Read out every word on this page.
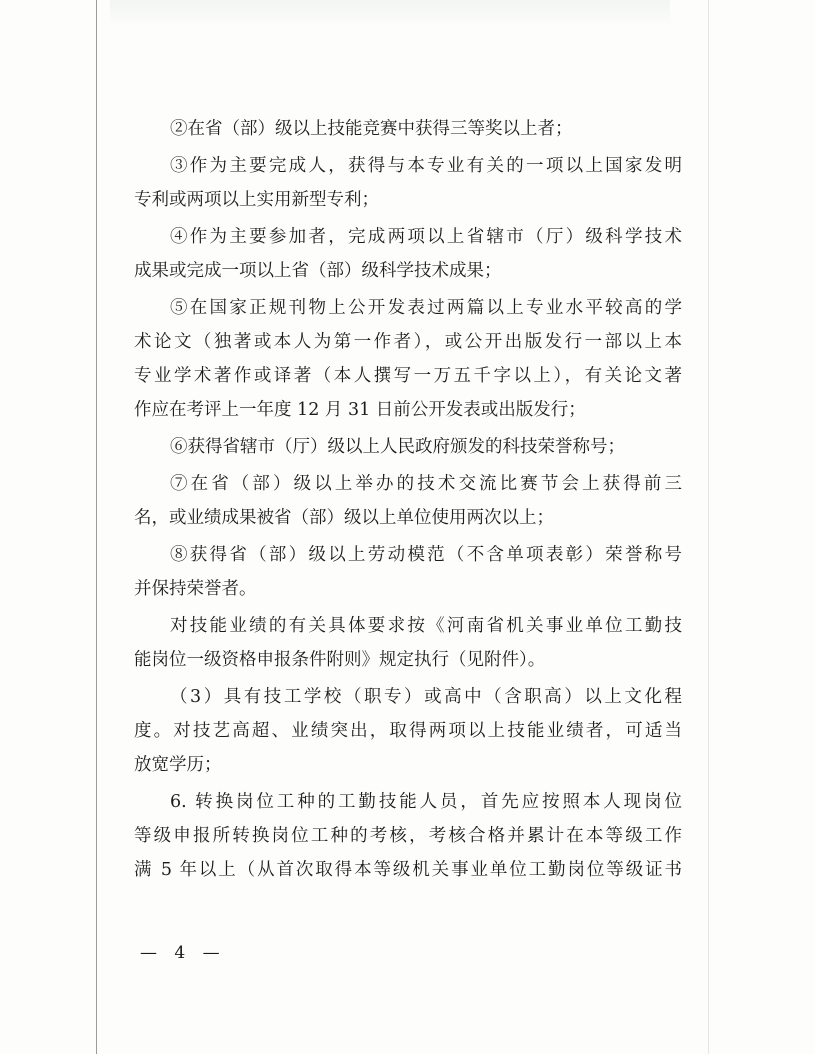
②在省（部）级以上技能竞赛中获得三等奖以上者；
③作为主要完成人，获得与本专业有关的一项以上国家发明
专利或两项以上实用新型专利；
④作为主要参加者，完成两项以上省辖市（厅）级科学技术
成果或完成一项以上省（部）级科学技术成果；
⑤在国家正规刊物上公开发表过两篇以上专业水平较高的学
术论文（独著或本人为第一作者），或公开出版发行一部以上本
专业学术著作或译著（本人撰写一万五千字以上），有关论文著
作应在考评上一年度 12 月 31 日前公开发表或出版发行；
⑥获得省辖市（厅）级以上人民政府颁发的科技荣誉称号；
⑦在省（部）级以上举办的技术交流比赛节会上获得前三
名，或业绩成果被省（部）级以上单位使用两次以上；
⑧获得省（部）级以上劳动模范（不含单项表彰）荣誉称号
并保持荣誉者。
对技能业绩的有关具体要求按《河南省机关事业单位工勤技
能岗位一级资格申报条件附则》规定执行（见附件）。
（3）具有技工学校（职专）或高中（含职高）以上文化程
度。对技艺高超、业绩突出，取得两项以上技能业绩者，可适当
放宽学历；
6. 转换岗位工种的工勤技能人员，首先应按照本人现岗位
等级申报所转换岗位工种的考核，考核合格并累计在本等级工作
满 5 年以上（从首次取得本等级机关事业单位工勤岗位等级证书
— 4 —
